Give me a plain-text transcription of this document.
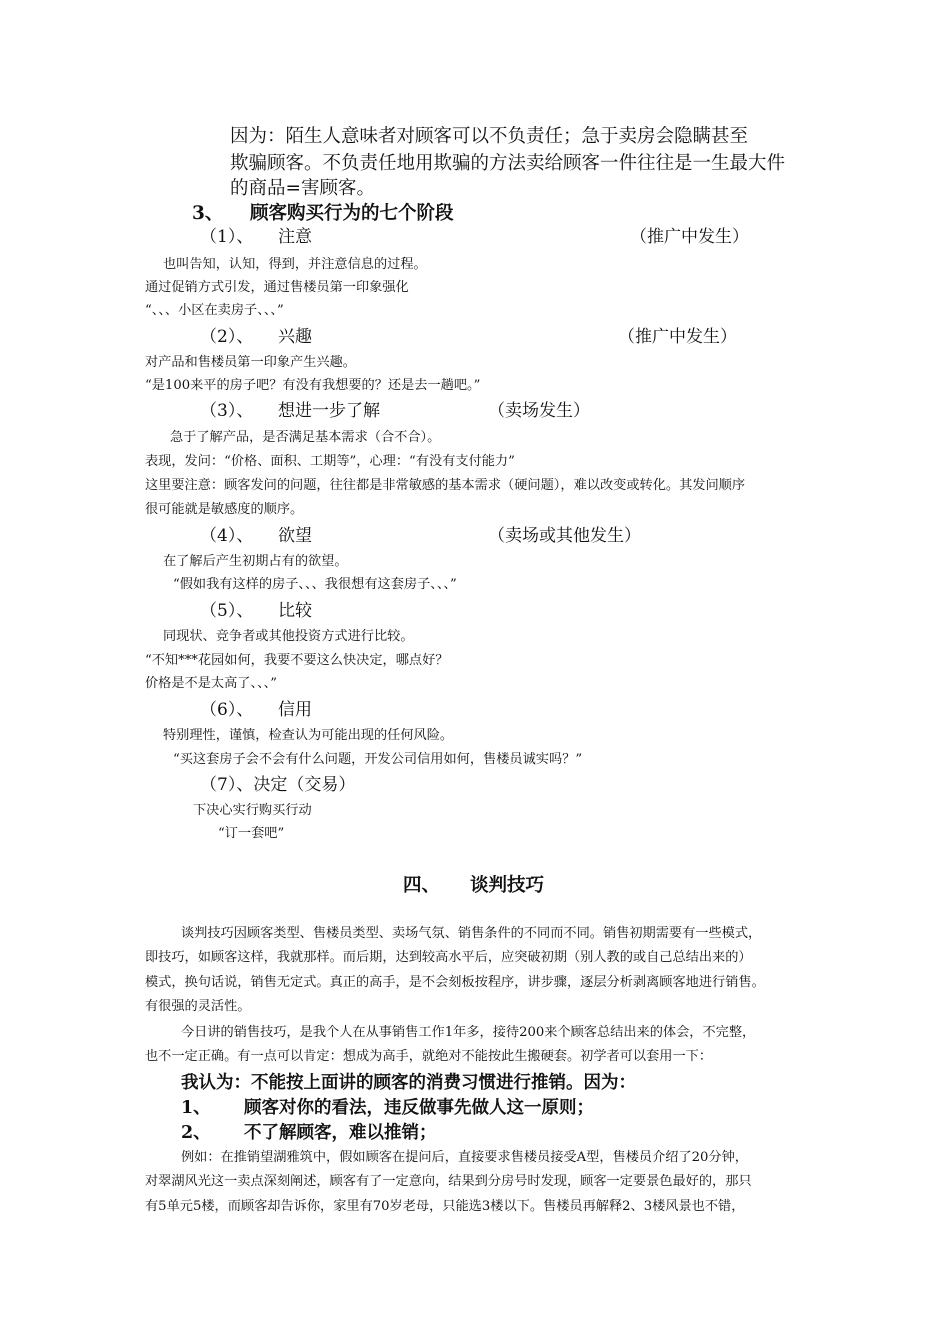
因为：陌生人意味者对顾客可以不负责任；急于卖房会隐瞒甚至
欺骗顾客。不负责任地用欺骗的方法卖给顾客一件往往是一生最大件
的商品=害顾客。
3、 顾客购买行为的七个阶段
（1）、 注意	（推广中发生）
也叫告知，认知，得到，并注意信息的过程。
通过促销方式引发，通过售楼员第一印象强化
“、、、小区在卖房子、、、”
（2）、 兴趣	（推广中发生）
对产品和售楼员第一印象产生兴趣。
“是100来平的房子吧？有没有我想要的？还是去一趟吧。”
（3）、 想进一步了解	（卖场发生）
急于了解产品，是否满足基本需求（合不合）。
表现，发问：“价格、面积、工期等”，心理：“有没有支付能力”
这里要注意：顾客发问的问题，往往都是非常敏感的基本需求（硬问题），难以改变或转化。其发问顺序
很可能就是敏感度的顺序。
（4）、 欲望	（卖场或其他发生）
在了解后产生初期占有的欲望。
“假如我有这样的房子、、、我很想有这套房子、、、”
（5）、 比较
同现状、竞争者或其他投资方式进行比较。
“不知***花园如何，我要不要这么快决定，哪点好？
价格是不是太高了、、、”
（6）、 信用
特别理性，谨慎，检查认为可能出现的任何风险。
“买这套房子会不会有什么问题，开发公司信用如何，售楼员诚实吗？”
（7）、决定（交易）
下决心实行购买行动
“订一套吧”
四、 谈判技巧
谈判技巧因顾客类型、售楼员类型、卖场气氛、销售条件的不同而不同。销售初期需要有一些模式，
即技巧，如顾客这样，我就那样。而后期，达到较高水平后，应突破初期（别人教的或自己总结出来的）
模式，换句话说，销售无定式。真正的高手，是不会刻板按程序，讲步骤，逐层分析剥离顾客地进行销售。
有很强的灵活性。
今日讲的销售技巧，是我个人在从事销售工作1年多，接待200来个顾客总结出来的体会，不完整，
也不一定正确。有一点可以肯定：想成为高手，就绝对不能按此生搬硬套。初学者可以套用一下：
我认为：不能按上面讲的顾客的消费习惯进行推销。因为：
1、 顾客对你的看法，违反做事先做人这一原则；
2、 不了解顾客，难以推销；
例如：在推销望湖雅筑中，假如顾客在提问后，直接要求售楼员接受A型，售楼员介绍了20分钟，
对翠湖风光这一卖点深刻阐述，顾客有了一定意向，结果到分房号时发现，顾客一定要景色最好的，那只
有5单元5楼，而顾客却告诉你，家里有70岁老母，只能选3楼以下。售楼员再解释2、3楼风景也不错，
